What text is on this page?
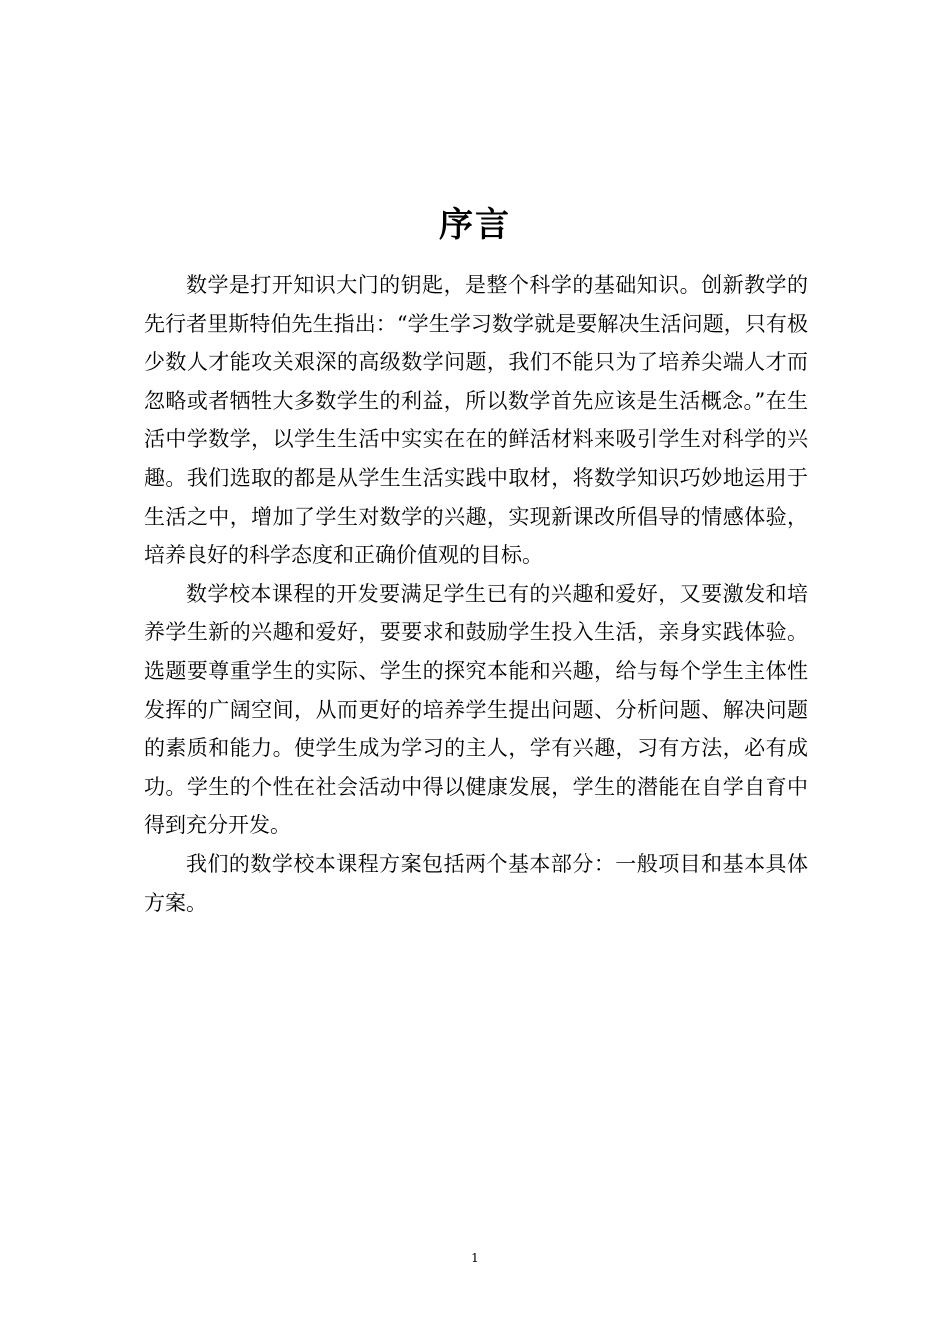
序言

数学是打开知识大门的钥匙，是整个科学的基础知识。创新教学的先行者里斯特伯先生指出：“学生学习数学就是要解决生活问题，只有极少数人才能攻关艰深的高级数学问题，我们不能只为了培养尖端人才而忽略或者牺牲大多数学生的利益，所以数学首先应该是生活概念。”在生活中学数学，以学生生活中实实在在的鲜活材料来吸引学生对科学的兴趣。我们选取的都是从学生生活实践中取材，将数学知识巧妙地运用于生活之中，增加了学生对数学的兴趣，实现新课改所倡导的情感体验，培养良好的科学态度和正确价值观的目标。

数学校本课程的开发要满足学生已有的兴趣和爱好，又要激发和培养学生新的兴趣和爱好，要要求和鼓励学生投入生活，亲身实践体验。选题要尊重学生的实际、学生的探究本能和兴趣，给与每个学生主体性发挥的广阔空间，从而更好的培养学生提出问题、分析问题、解决问题的素质和能力。使学生成为学习的主人，学有兴趣，习有方法，必有成功。学生的个性在社会活动中得以健康发展，学生的潜能在自学自育中得到充分开发。

我们的数学校本课程方案包括两个基本部分：一般项目和基本具体方案。

1
